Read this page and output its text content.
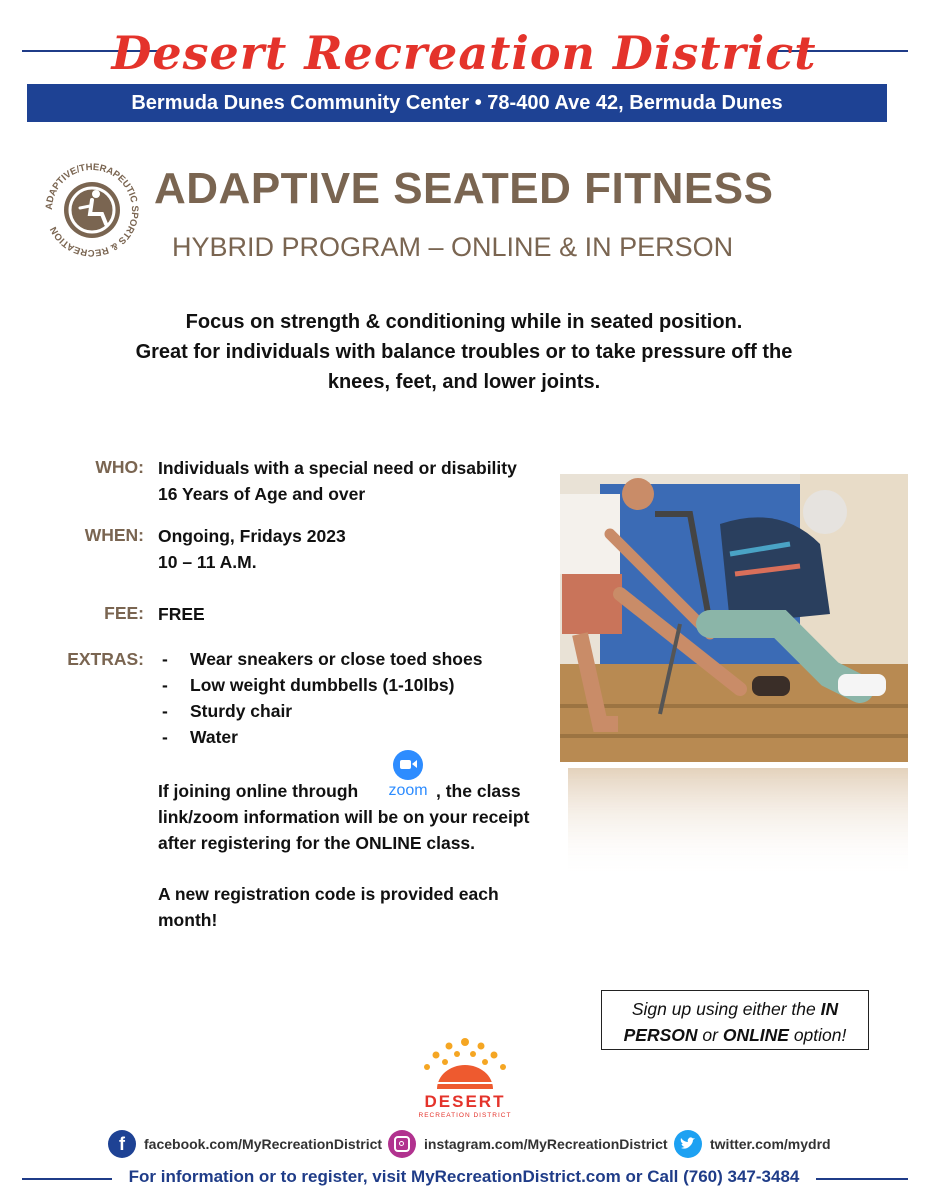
Desert Recreation District
Bermuda Dunes Community Center • 78-400 Ave 42, Bermuda Dunes
ADAPTIVE/THERAPEUTIC SPORTS & RECREATION
ADAPTIVE SEATED FITNESS
HYBRID PROGRAM – ONLINE & IN PERSON
Focus on strength & conditioning while in seated position.
Great for individuals with balance troubles or to take pressure off the
knees, feet, and lower joints.
WHO: Individuals with a special need or disability
16 Years of Age and over
WHEN: Ongoing, Fridays 2023
10 – 11 A.M.
FEE: FREE
EXTRAS: - Wear sneakers or close toed shoes
- Low weight dumbbells (1-10lbs)
- Sturdy chair
- Water
If joining online through	zoom , the class
link/zoom information will be on your receipt
after registering for the ONLINE class.
A new registration code is provided each
month!
Sign up using either the IN
PERSON or ONLINE option!
DESERT
RECREATION DISTRICT
f	facebook.com/MyRecreationDistrict	instagram.com/MyRecreationDistrict	twitter.com/mydrd
For information or to register, visit MyRecreationDistrict.com or Call (760) 347-3484
